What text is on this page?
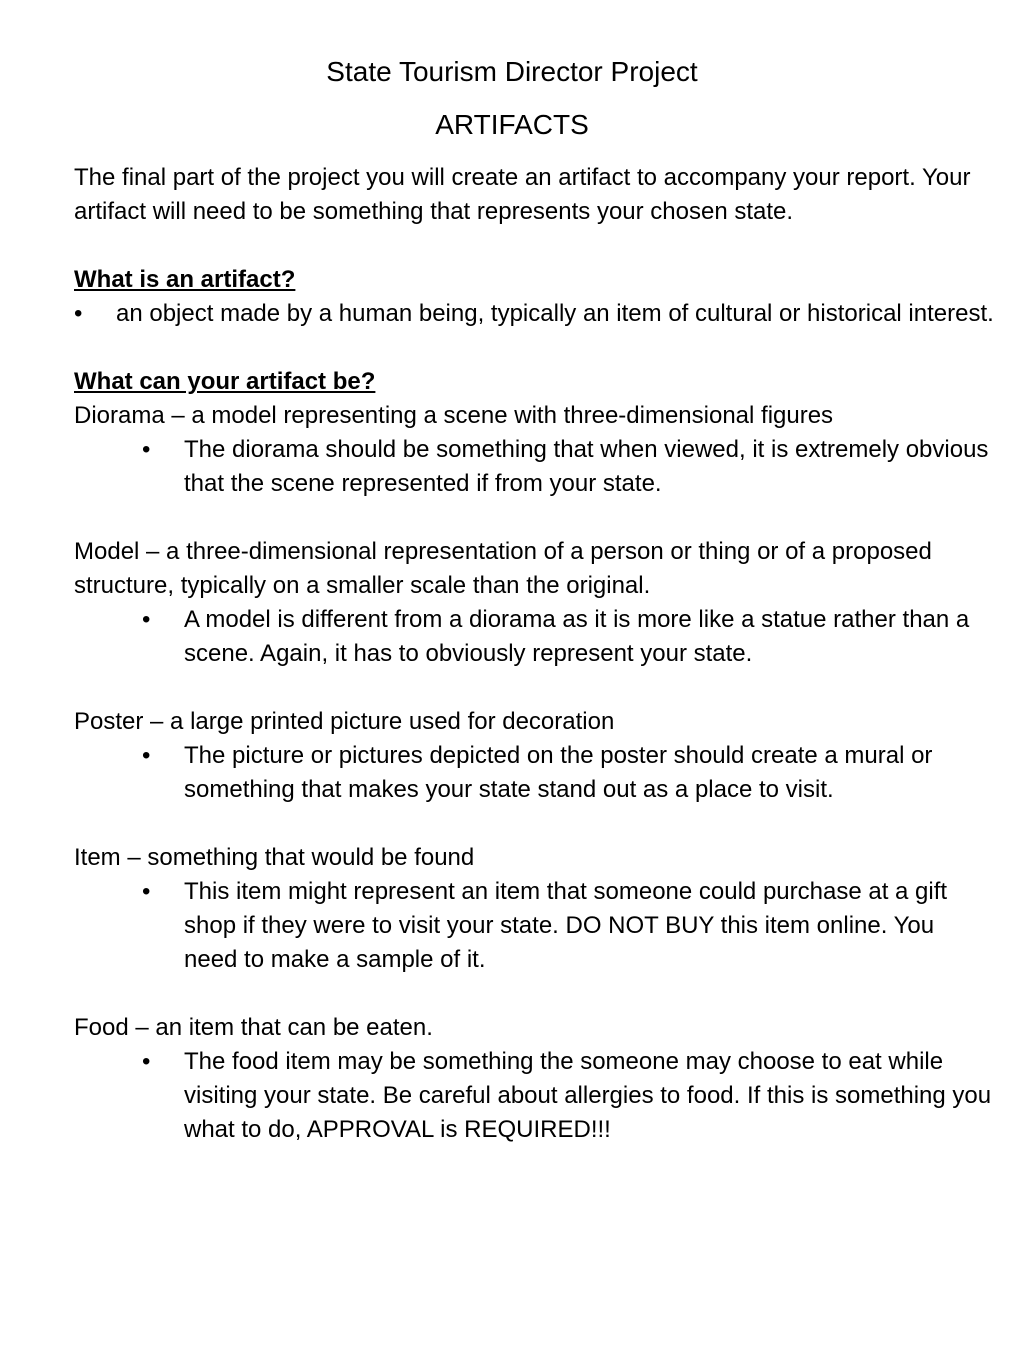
State Tourism Director Project
ARTIFACTS

The final part of the project you will create an artifact to accompany your report. Your artifact will need to be something that represents your chosen state.

What is an artifact?

• an object made by a human being, typically an item of cultural or historical interest.

What can your artifact be?

Diorama – a model representing a scene with three-dimensional figures

• The diorama should be something that when viewed, it is extremely obvious that the scene represented if from your state.

Model – a three-dimensional representation of a person or thing or of a proposed structure, typically on a smaller scale than the original.

• A model is different from a diorama as it is more like a statue rather than a scene. Again, it has to obviously represent your state.

Poster – a large printed picture used for decoration

• The picture or pictures depicted on the poster should create a mural or something that makes your state stand out as a place to visit.

Item – something that would be found

• This item might represent an item that someone could purchase at a gift shop if they were to visit your state. DO NOT BUY this item online. You need to make a sample of it.

Food – an item that can be eaten.

• The food item may be something the someone may choose to eat while visiting your state. Be careful about allergies to food. If this is something you what to do, APPROVAL is REQUIRED!!!
